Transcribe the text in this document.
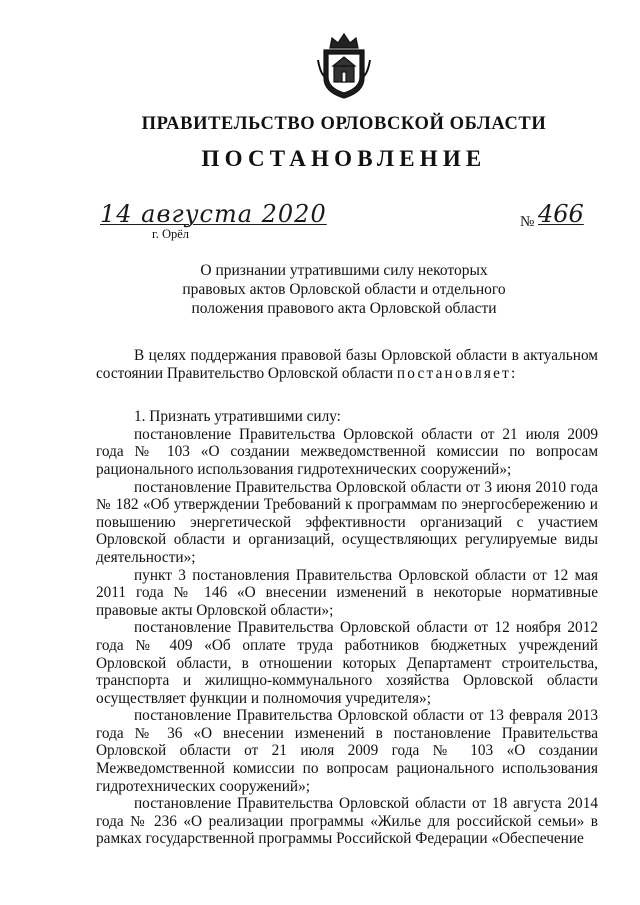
ПРАВИТЕЛЬСТВО ОРЛОВСКОЙ ОБЛАСТИ
ПОСТАНОВЛЕНИЕ
14 августа 2020
г. Орёл
№ 466
О признании утратившими силу некоторых
правовых актов Орловской области и отдельного
положения правового акта Орловской области

В целях поддержания правовой базы Орловской области в актуальном состоянии Правительство Орловской области постановляет:

1. Признать утратившими силу:

постановление Правительства Орловской области от 21 июля 2009 года № 103 «О создании межведомственной комиссии по вопросам рационального использования гидротехнических сооружений»;

постановление Правительства Орловской области от 3 июня 2010 года № 182 «Об утверждении Требований к программам по энергосбережению и повышению энергетической эффективности организаций с участием Орловской области и организаций, осуществляющих регулируемые виды деятельности»;

пункт 3 постановления Правительства Орловской области от 12 мая 2011 года № 146 «О внесении изменений в некоторые нормативные правовые акты Орловской области»;

постановление Правительства Орловской области от 12 ноября 2012 года № 409 «Об оплате труда работников бюджетных учреждений Орловской области, в отношении которых Департамент строительства, транспорта и жилищно-коммунального хозяйства Орловской области осуществляет функции и полномочия учредителя»;

постановление Правительства Орловской области от 13 февраля 2013 года № 36 «О внесении изменений в постановление Правительства Орловской области от 21 июля 2009 года № 103 «О создании Межведомственной комиссии по вопросам рационального использования гидротехнических сооружений»;

постановление Правительства Орловской области от 18 августа 2014 года № 236 «О реализации программы «Жилье для российской семьи» в рамках государственной программы Российской Федерации «Обеспечение
